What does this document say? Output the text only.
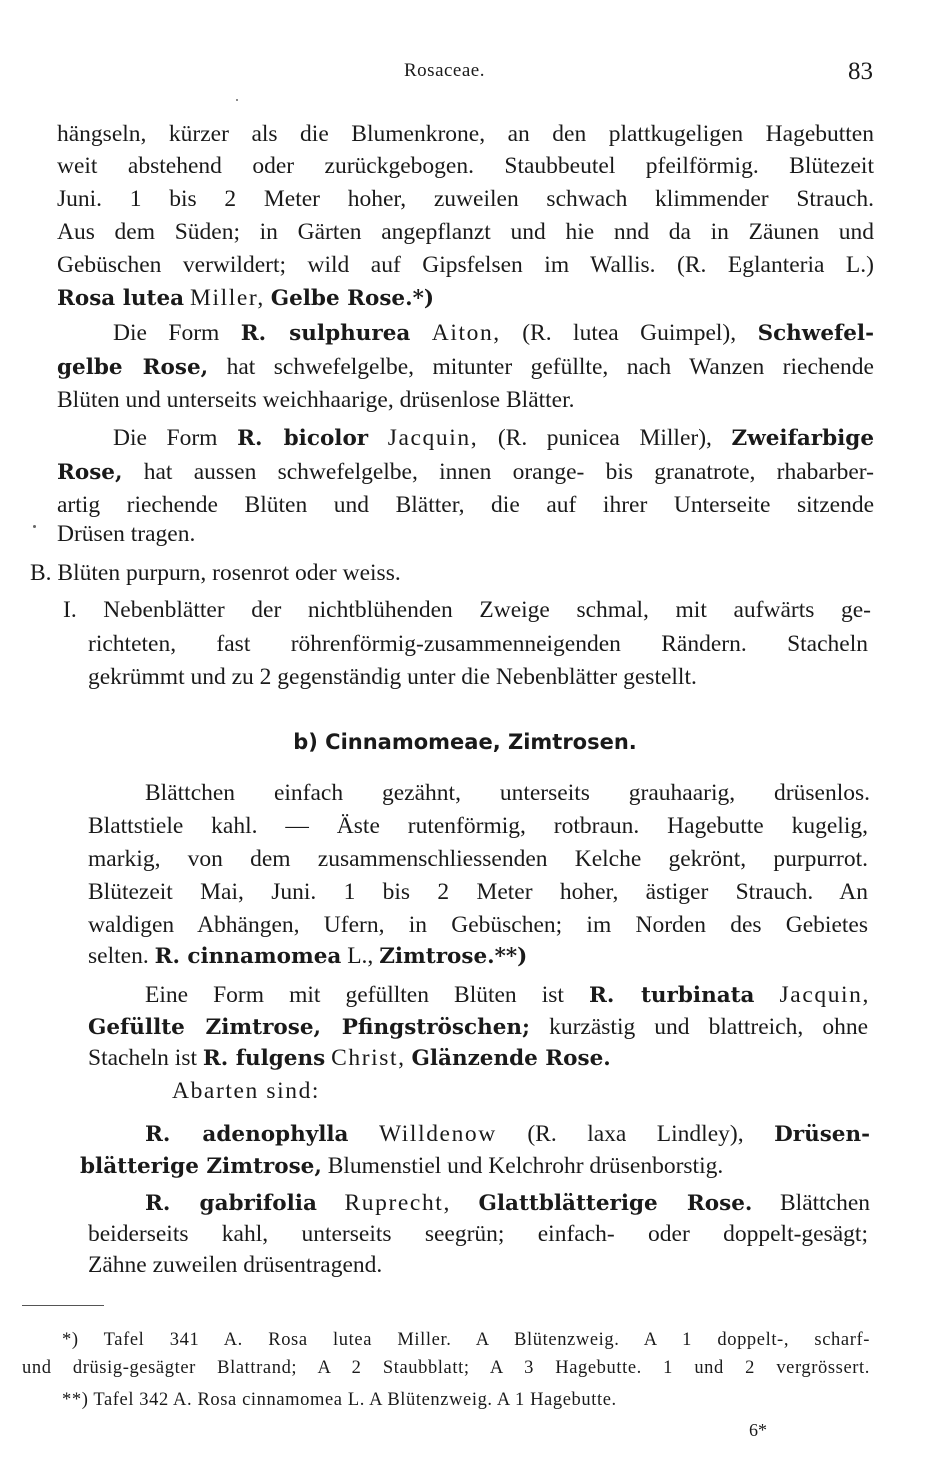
Rosaceae.	83
hängseln, kürzer als die Blumenkrone, an den plattkugeligen Hagebutten
weit abstehend oder zurückgebogen. Staubbeutel pfeilförmig. Blütezeit
Juni. 1 bis 2 Meter hoher, zuweilen schwach klimmender Strauch.
Aus dem Süden; in Gärten angepflanzt und hie nnd da in Zäunen und
Gebüschen verwildert; wild auf Gipsfelsen im Wallis. (R. Eglanteria L.)
Rosa lutea Miller, Gelbe Rose.*)
Die Form R. sulphurea Aiton, (R. lutea Guimpel), Schwefel-
gelbe Rose, hat schwefelgelbe, mitunter gefüllte, nach Wanzen riechende
Blüten und unterseits weichhaarige, drüsenlose Blätter.
Die Form R. bicolor Jacquin, (R. punicea Miller), Zweifarbige
Rose, hat aussen schwefelgelbe, innen orange- bis granatrote, rhabarber-
artig riechende Blüten und Blätter, die auf ihrer Unterseite sitzende
Drüsen tragen.
B. Blüten purpurn, rosenrot oder weiss.
I. Nebenblätter der nichtblühenden Zweige schmal, mit aufwärts ge-
richteten, fast röhrenförmig-zusammenneigenden Rändern. Stacheln
gekrümmt und zu 2 gegenständig unter die Nebenblätter gestellt.
b) Cinnamomeae, Zimtrosen.
Blättchen einfach gezähnt, unterseits grauhaarig, drüsenlos.
Blattstiele kahl. — Äste rutenförmig, rotbraun. Hagebutte kugelig,
markig, von dem zusammenschliessenden Kelche gekrönt, purpurrot.
Blütezeit Mai, Juni. 1 bis 2 Meter hoher, ästiger Strauch. An
waldigen Abhängen, Ufern, in Gebüschen; im Norden des Gebietes
selten. R. cinnamomea L., Zimtrose.**)
Eine Form mit gefüllten Blüten ist R. turbinata Jacquin,
Gefüllte Zimtrose, Pfingströschen; kurzästig und blattreich, ohne
Stacheln ist R. fulgens Christ, Glänzende Rose.
Abarten sind:
R. adenophylla Willdenow (R. laxa Lindley), Drüsen-
blätterige Zimtrose, Blumenstiel und Kelchrohr drüsenborstig.
R. gabrifolia Ruprecht, Glattblätterige Rose. Blättchen
beiderseits kahl, unterseits seegrün; einfach- oder doppelt-gesägt;
Zähne zuweilen drüsentragend.
*) Tafel 341 A. Rosa lutea Miller. A Blütenzweig. A 1 doppelt-, scharf-
und drüsig-gesägter Blattrand; A 2 Staubblatt; A 3 Hagebutte. 1 und 2 vergrössert.
**) Tafel 342 A. Rosa cinnamomea L. A Blütenzweig. A 1 Hagebutte.
6*
